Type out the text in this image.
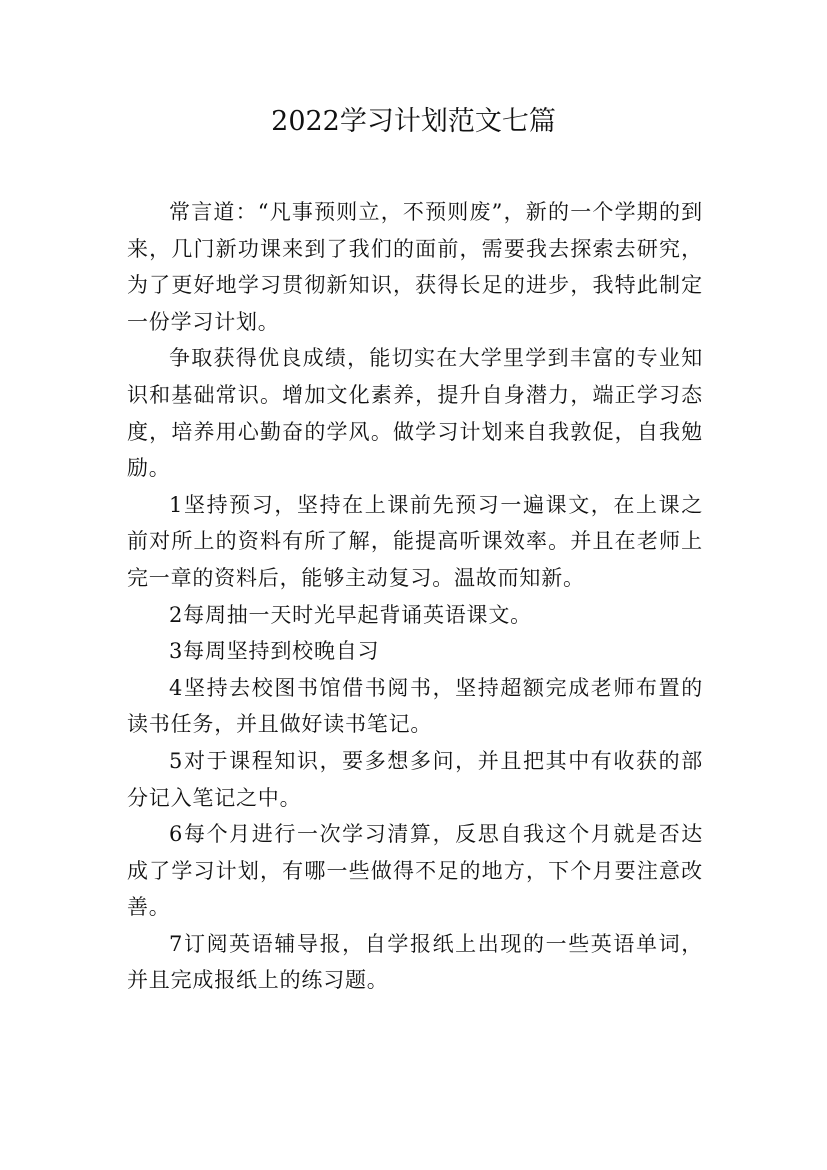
2022学习计划范文七篇

常言道：“凡事预则立，不预则废”，新的一个学期的到来，几门新功课来到了我们的面前，需要我去探索去研究，为了更好地学习贯彻新知识，获得长足的进步，我特此制定一份学习计划。

争取获得优良成绩，能切实在大学里学到丰富的专业知识和基础常识。增加文化素养，提升自身潜力，端正学习态度，培养用心勤奋的学风。做学习计划来自我敦促，自我勉励。

1坚持预习，坚持在上课前先预习一遍课文，在上课之前对所上的资料有所了解，能提高听课效率。并且在老师上完一章的资料后，能够主动复习。温故而知新。

2每周抽一天时光早起背诵英语课文。

3每周坚持到校晚自习

4坚持去校图书馆借书阅书，坚持超额完成老师布置的读书任务，并且做好读书笔记。

5对于课程知识，要多想多问，并且把其中有收获的部分记入笔记之中。

6每个月进行一次学习清算，反思自我这个月就是否达成了学习计划，有哪一些做得不足的地方，下个月要注意改善。

7订阅英语辅导报，自学报纸上出现的一些英语单词，并且完成报纸上的练习题。
